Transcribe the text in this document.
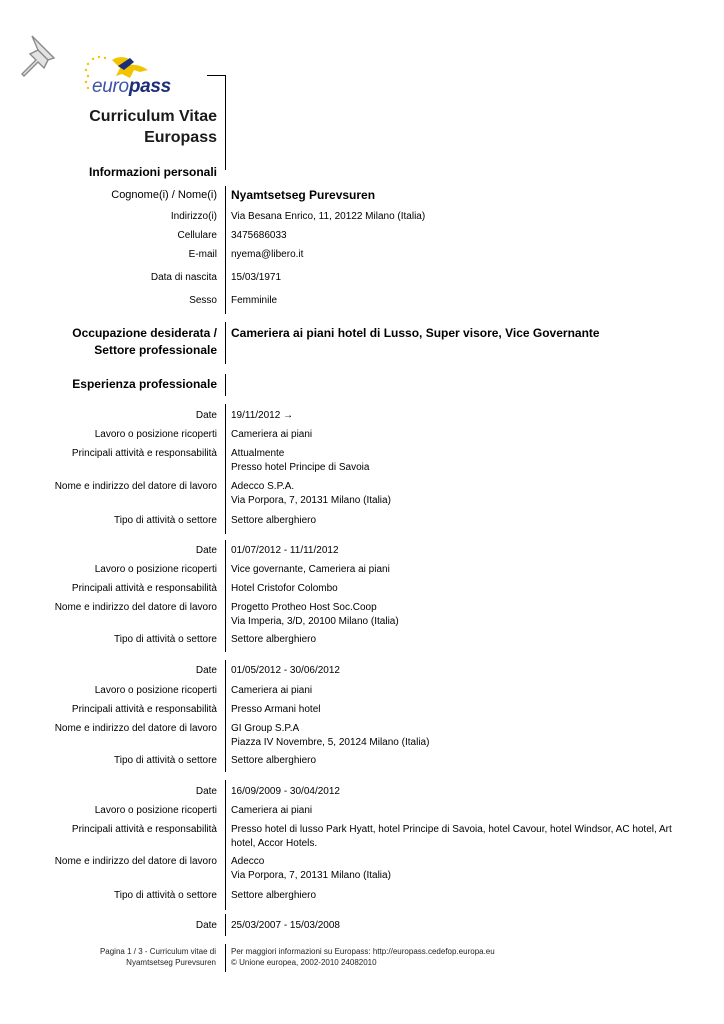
europass
Curriculum Vitae
Europass
Informazioni personali
Cognome(i) / Nome(i) Nyamtsetseg Purevsuren
Indirizzo(i) Via Besana Enrico, 11, 20122 Milano (Italia)
Cellulare 3475686033
E-mail nyema@libero.it
Data di nascita 15/03/1971
Sesso Femminile
Occupazione desiderata /
Settore professionale
Cameriera ai piani hotel di Lusso, Super visore, Vice Governante
Esperienza professionale
Date 19/11/2012 →
Lavoro o posizione ricoperti Cameriera ai piani
Principali attività e responsabilità Attualmente
Presso hotel Principe di Savoia
Nome e indirizzo del datore di lavoro Adecco S.P.A.
Via Porpora, 7, 20131 Milano (Italia)
Tipo di attività o settore Settore alberghiero
Date 01/07/2012 - 11/11/2012
Lavoro o posizione ricoperti Vice governante, Cameriera ai piani
Principali attività e responsabilità Hotel Cristofor Colombo
Nome e indirizzo del datore di lavoro Progetto Protheo Host Soc.Coop
Via Imperia, 3/D, 20100 Milano (Italia)
Tipo di attività o settore Settore alberghiero
Date 01/05/2012 - 30/06/2012
Lavoro o posizione ricoperti Cameriera ai piani
Principali attività e responsabilità Presso Armani hotel
Nome e indirizzo del datore di lavoro GI Group S.P.A
Piazza IV Novembre, 5, 20124 Milano (Italia)
Tipo di attività o settore Settore alberghiero
Date 16/09/2009 - 30/04/2012
Lavoro o posizione ricoperti Cameriera ai piani
Principali attività e responsabilità Presso hotel di lusso Park Hyatt, hotel Principe di Savoia, hotel Cavour, hotel Windsor, AC hotel, Art
hotel, Accor Hotels.
Nome e indirizzo del datore di lavoro Adecco
Via Porpora, 7, 20131 Milano (Italia)
Tipo di attività o settore Settore alberghiero
Date 25/03/2007 - 15/03/2008
Pagina 1 / 3 - Curriculum vitae di
Nyamtsetseg Purevsuren
Per maggiori informazioni su Europass: http://europass.cedefop.europa.eu
© Unione europea, 2002-2010 24082010
